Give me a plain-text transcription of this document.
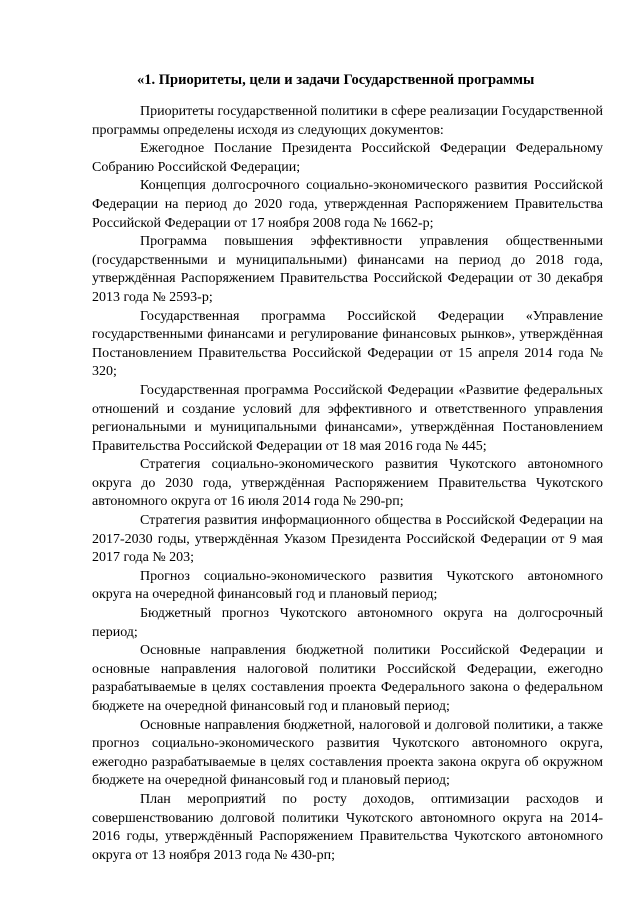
«1. Приоритеты, цели и задачи Государственной программы

Приоритеты государственной политики в сфере реализации Государственной программы определены исходя из следующих документов:

Ежегодное Послание Президента Российской Федерации Федеральному Собранию Российской Федерации;

Концепция долгосрочного социально-экономического развития Российской Федерации на период до 2020 года, утвержденная Распоряжением Правительства Российской Федерации от 17 ноября 2008 года № 1662-р;

Программа повышения эффективности управления общественными (государственными и муниципальными) финансами на период до 2018 года, утверждённая Распоряжением Правительства Российской Федерации от 30 декабря 2013 года № 2593-р;

Государственная программа Российской Федерации «Управление государственными финансами и регулирование финансовых рынков», утверждённая Постановлением Правительства Российской Федерации от 15 апреля 2014 года № 320;

Государственная программа Российской Федерации «Развитие федеральных отношений и создание условий для эффективного и ответственного управления региональными и муниципальными финансами», утверждённая Постановлением Правительства Российской Федерации от 18 мая 2016 года № 445;

Стратегия социально-экономического развития Чукотского автономного округа до 2030 года, утверждённая Распоряжением Правительства Чукотского автономного округа от 16 июля 2014 года № 290-рп;

Стратегия развития информационного общества в Российской Федерации на 2017-2030 годы, утверждённая Указом Президента Российской Федерации от 9 мая 2017 года № 203;

Прогноз социально-экономического развития Чукотского автономного округа на очередной финансовый год и плановый период;

Бюджетный прогноз Чукотского автономного округа на долгосрочный период;

Основные направления бюджетной политики Российской Федерации и основные направления налоговой политики Российской Федерации, ежегодно разрабатываемые в целях составления проекта Федерального закона о федеральном бюджете на очередной финансовый год и плановый период;

Основные направления бюджетной, налоговой и долговой политики, а также прогноз социально-экономического развития Чукотского автономного округа, ежегодно разрабатываемые в целях составления проекта закона округа об окружном бюджете на очередной финансовый год и плановый период;

План мероприятий по росту доходов, оптимизации расходов и совершенствованию долговой политики Чукотского автономного округа на 2014-2016 годы, утверждённый Распоряжением Правительства Чукотского автономного округа от 13 ноября 2013 года № 430-рп;
